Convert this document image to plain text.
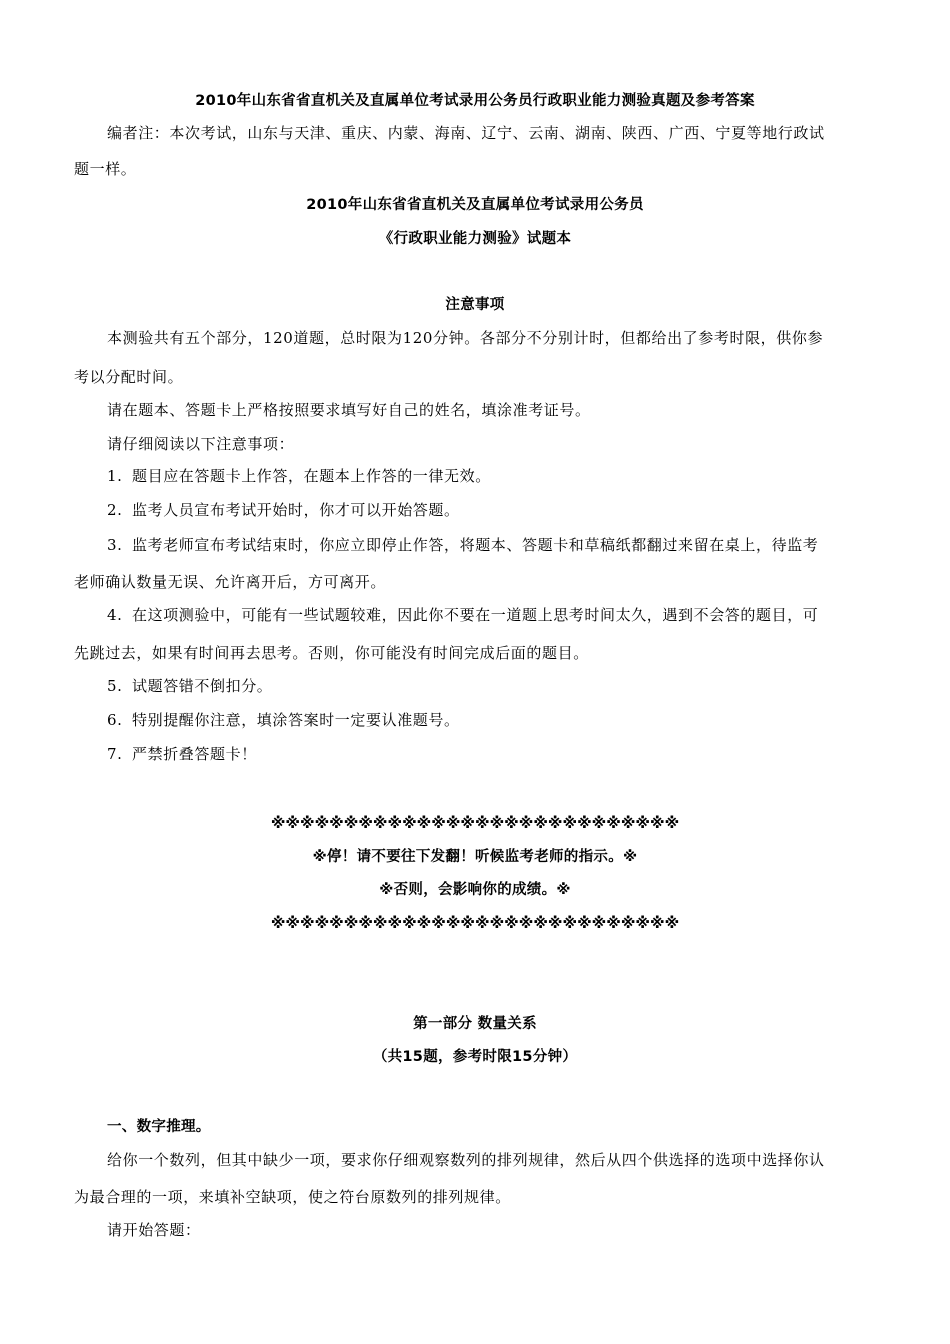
2010年山东省省直机关及直属单位考试录用公务员行政职业能力测验真题及参考答案
编者注：本次考试，山东与天津、重庆、内蒙、海南、辽宁、云南、湖南、陕西、广西、宁夏等地行政试
题一样。
2010年山东省省直机关及直属单位考试录用公务员
《行政职业能力测验》试题本
注意事项
本测验共有五个部分，120道题，总时限为120分钟。各部分不分别计时，但都给出了参考时限，供你参
考以分配时间。
请在题本、答题卡上严格按照要求填写好自己的姓名，填涂准考证号。
请仔细阅读以下注意事项：
1. 题目应在答题卡上作答，在题本上作答的一律无效。
2. 监考人员宣布考试开始时，你才可以开始答题。
3. 监考老师宣布考试结束时，你应立即停止作答，将题本、答题卡和草稿纸都翻过来留在桌上，待监考
老师确认数量无误、允许离开后，方可离开。
4. 在这项测验中，可能有一些试题较难，因此你不要在一道题上思考时间太久，遇到不会答的题目，可
先跳过去，如果有时间再去思考。否则，你可能没有时间完成后面的题目。
5. 试题答错不倒扣分。
6. 特别提醒你注意，填涂答案时一定要认准题号。
7. 严禁折叠答题卡！
※※※※※※※※※※※※※※※※※※※※※※※※※※※※
※停！请不要往下发翻！听候监考老师的指示。※
※否则，会影响你的成绩。※
※※※※※※※※※※※※※※※※※※※※※※※※※※※※
第一部分 数量关系
（共15题，参考时限15分钟）
一、数字推理。
给你一个数列，但其中缺少一项，要求你仔细观察数列的排列规律，然后从四个供选择的选项中选择你认
为最合理的一项，来填补空缺项，使之符台原数列的排列规律。
请开始答题：
